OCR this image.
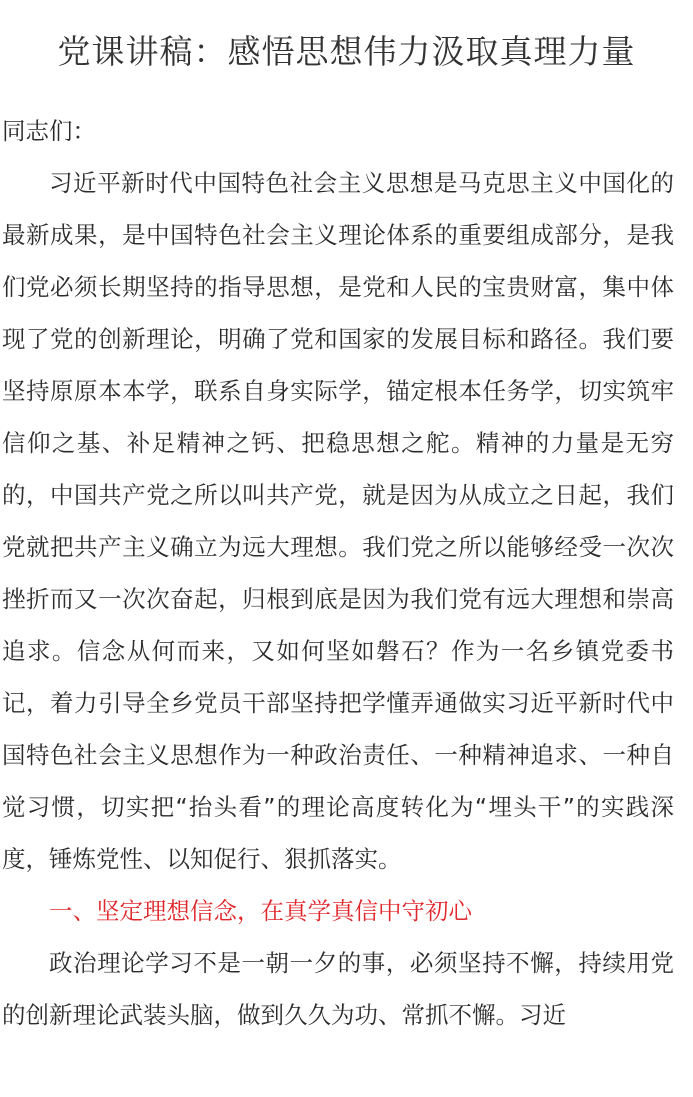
党课讲稿：感悟思想伟力汲取真理力量

同志们：

习近平新时代中国特色社会主义思想是马克思主义中国化的最新成果，是中国特色社会主义理论体系的重要组成部分，是我们党必须长期坚持的指导思想，是党和人民的宝贵财富，集中体现了党的创新理论，明确了党和国家的发展目标和路径。我们要坚持原原本本学，联系自身实际学，锚定根本任务学，切实筑牢信仰之基、补足精神之钙、把稳思想之舵。精神的力量是无穷的，中国共产党之所以叫共产党，就是因为从成立之日起，我们党就把共产主义确立为远大理想。我们党之所以能够经受一次次挫折而又一次次奋起，归根到底是因为我们党有远大理想和崇高追求。信念从何而来，又如何坚如磐石？作为一名乡镇党委书记，着力引导全乡党员干部坚持把学懂弄通做实习近平新时代中国特色社会主义思想作为一种政治责任、一种精神追求、一种自觉习惯，切实把“抬头看”的理论高度转化为“埋头干”的实践深度，锤炼党性、以知促行、狠抓落实。

一、坚定理想信念，在真学真信中守初心

政治理论学习不是一朝一夕的事，必须坚持不懈，持续用党的创新理论武装头脑，做到久久为功、常抓不懈。习近
